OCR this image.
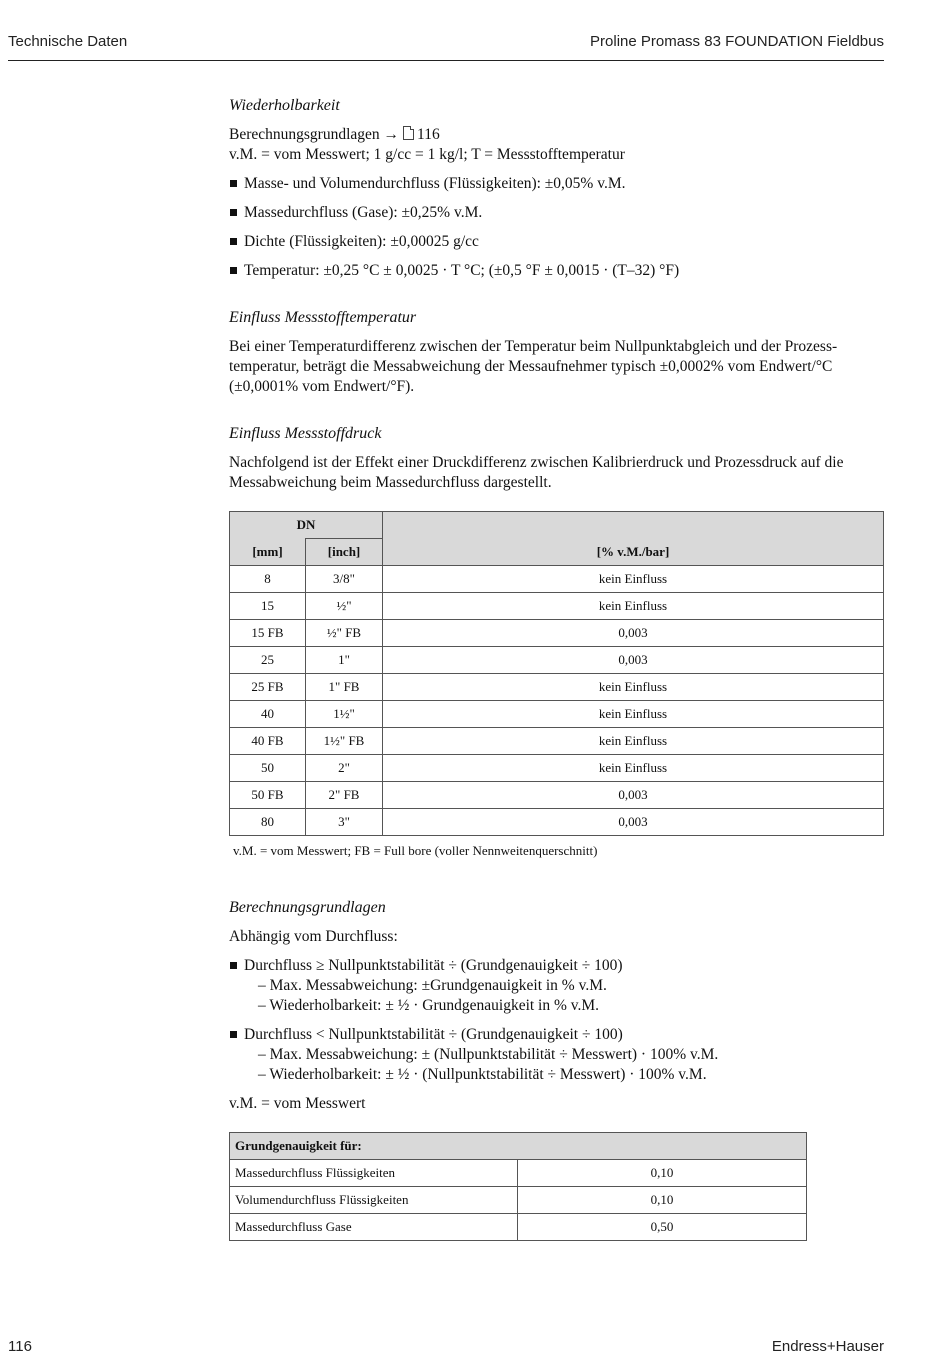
Technische Daten	Proline Promass 83 FOUNDATION Fieldbus
Wiederholbarkeit

Berechnungsgrundlagen → 116

v.M. = vom Messwert; 1 g/cc = 1 kg/l; T = Messstofftemperatur

Masse- und Volumendurchfluss (Flüssigkeiten): ±0,05% v.M.
Massedurchfluss (Gase): ±0,25% v.M.
Dichte (Flüssigkeiten): ±0,00025 g/cc
Temperatur: ±0,25 °C ± 0,0025 · T °C; (±0,5 °F ± 0,0015 · (T–32) °F)
Einfluss Messstofftemperatur

Bei einer Temperaturdifferenz zwischen der Temperatur beim Nullpunktabgleich und der Prozesstemperatur, beträgt die Messabweichung der Messaufnehmer typisch ±0,0002% vom Endwert/°C (±0,0001% vom Endwert/°F).

Einfluss Messstoffdruck

Nachfolgend ist der Effekt einer Druckdifferenz zwischen Kalibrierdruck und Prozessdruck auf die Messabweichung beim Massedurchfluss dargestellt.

DN		
[mm]	[inch]	[% v.M./bar]
8	3/8"	kein Einfluss
15	½"	kein Einfluss
15 FB	½" FB	0,003
25	1"	0,003
25 FB	1" FB	kein Einfluss
40	1½"	kein Einfluss
40 FB	1½" FB	kein Einfluss
50	2"	kein Einfluss
50 FB	2" FB	0,003
80	3"	0,003

v.M. = vom Messwert; FB = Full bore (voller Nennweitenquerschnitt)

Berechnungsgrundlagen

Abhängig vom Durchfluss:

Durchfluss ≥ Nullpunktstabilität ÷ (Grundgenauigkeit ÷ 100)
– Max. Messabweichung: ±Grundgenauigkeit in % v.M.
– Wiederholbarkeit: ± ½ · Grundgenauigkeit in % v.M.
Durchfluss < Nullpunktstabilität ÷ (Grundgenauigkeit ÷ 100)
– Max. Messabweichung: ± (Nullpunktstabilität ÷ Messwert) · 100% v.M.
– Wiederholbarkeit: ± ½ · (Nullpunktstabilität ÷ Messwert) · 100% v.M.

v.M. = vom Messwert

Grundgenauigkeit für:	
Massedurchfluss Flüssigkeiten	0,10
Volumendurchfluss Flüssigkeiten	0,10
Massedurchfluss Gase	0,50
116	Endress+Hauser
